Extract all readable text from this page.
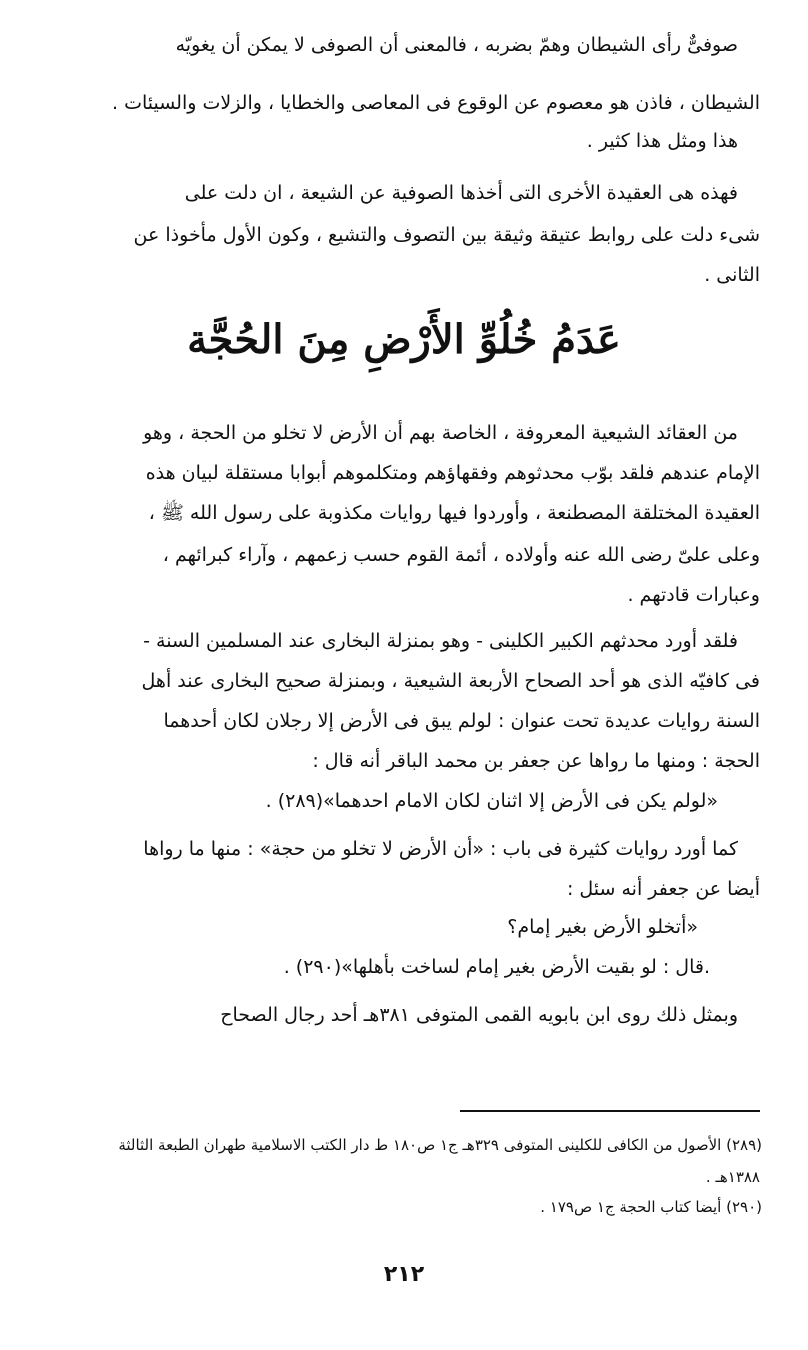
صوفىٌّ رأى الشيطان وهمّ بضربه ، فالمعنى أن الصوفى لا يمكن أن يغويّه
الشيطان ، فاذن هو معصوم عن الوقوع فى المعاصى والخطايا ، والزلات والسيئات .
هذا ومثل هذا كثير .
فهذه هى العقيدة الأخرى التى أخذها الصوفية عن الشيعة ، ان دلت على
شىء دلت على روابط عتيقة وثيقة بين التصوف والتشيع ، وكون الأول مأخوذا عن
الثانى .
عَدَمُ خُلُوِّ الأَرْضِ مِنَ الحُجَّة
من العقائد الشيعية المعروفة ، الخاصة بهم أن الأرض لا تخلو من الحجة ، وهو
الإمام عندهم فلقد بوّب محدثوهم وفقهاؤهم ومتكلموهم أبوابا مستقلة لبيان هذه
العقيدة المختلقة المصطنعة ، وأوردوا فيها روايات مكذوبة على رسول الله ﷺ ،
وعلى علىّ رضى الله عنه وأولاده ، أئمة القوم حسب زعمهم ، وآراء كبرائهم ،
وعبارات قادتهم .
فلقد أورد محدثهم الكبير الكلينى - وهو بمنزلة البخارى عند المسلمين السنة -
فى كافيّه الذى هو أحد الصحاح الأربعة الشيعية ، وبمنزلة صحيح البخارى عند أهل
السنة روايات عديدة تحت عنوان : لولم يبق فى الأرض إلا رجلان لكان أحدهما
الحجة : ومنها ما رواها عن جعفر بن محمد الباقر أنه قال :
«لولم يكن فى الأرض إلا اثنان لكان الامام احدهما»(٢٨٩) .
كما أورد روايات كثيرة فى باب : «أن الأرض لا تخلو من حجة» : منها ما رواها
أيضا عن جعفر أنه سئل :
«أتخلو الأرض بغير إمام؟
.قال : لو بقيت الأرض بغير إمام لساخت بأهلها»(٢٩٠) .
وبمثل ذلك روى ابن بابويه القمى المتوفى ٣٨١هـ أحد رجال الصحاح
(٢٨٩) الأصول من الكافى للكلينى المتوفى ٣٢٩هـ ج١ ص١٨٠ ط دار الكتب الاسلامية طهران الطبعة الثالثة
١٣٨٨هـ .
(٢٩٠) أيضا كتاب الحجة ج١ ص١٧٩ .
٢١٢
